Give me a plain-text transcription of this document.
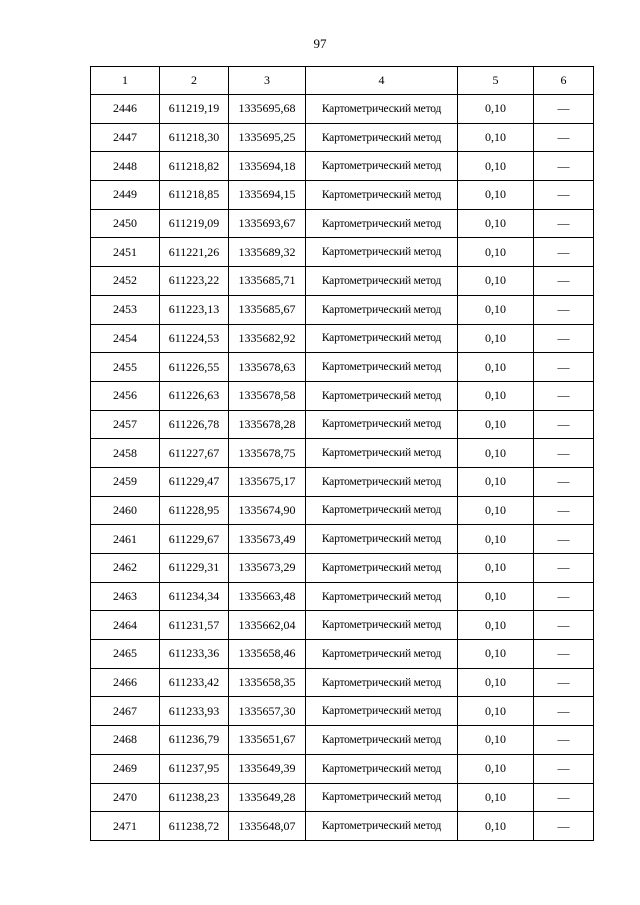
97
1	2	3	4	5	6
2446	611219,19	1335695,68	Картометрический метод	0,10	—
2447	611218,30	1335695,25	Картометрический метод	0,10	—
2448	611218,82	1335694,18	Картометрический метод	0,10	—
2449	611218,85	1335694,15	Картометрический метод	0,10	—
2450	611219,09	1335693,67	Картометрический метод	0,10	—
2451	611221,26	1335689,32	Картометрический метод	0,10	—
2452	611223,22	1335685,71	Картометрический метод	0,10	—
2453	611223,13	1335685,67	Картометрический метод	0,10	—
2454	611224,53	1335682,92	Картометрический метод	0,10	—
2455	611226,55	1335678,63	Картометрический метод	0,10	—
2456	611226,63	1335678,58	Картометрический метод	0,10	—
2457	611226,78	1335678,28	Картометрический метод	0,10	—
2458	611227,67	1335678,75	Картометрический метод	0,10	—
2459	611229,47	1335675,17	Картометрический метод	0,10	—
2460	611228,95	1335674,90	Картометрический метод	0,10	—
2461	611229,67	1335673,49	Картометрический метод	0,10	—
2462	611229,31	1335673,29	Картометрический метод	0,10	—
2463	611234,34	1335663,48	Картометрический метод	0,10	—
2464	611231,57	1335662,04	Картометрический метод	0,10	—
2465	611233,36	1335658,46	Картометрический метод	0,10	—
2466	611233,42	1335658,35	Картометрический метод	0,10	—
2467	611233,93	1335657,30	Картометрический метод	0,10	—
2468	611236,79	1335651,67	Картометрический метод	0,10	—
2469	611237,95	1335649,39	Картометрический метод	0,10	—
2470	611238,23	1335649,28	Картометрический метод	0,10	—
2471	611238,72	1335648,07	Картометрический метод	0,10	—
